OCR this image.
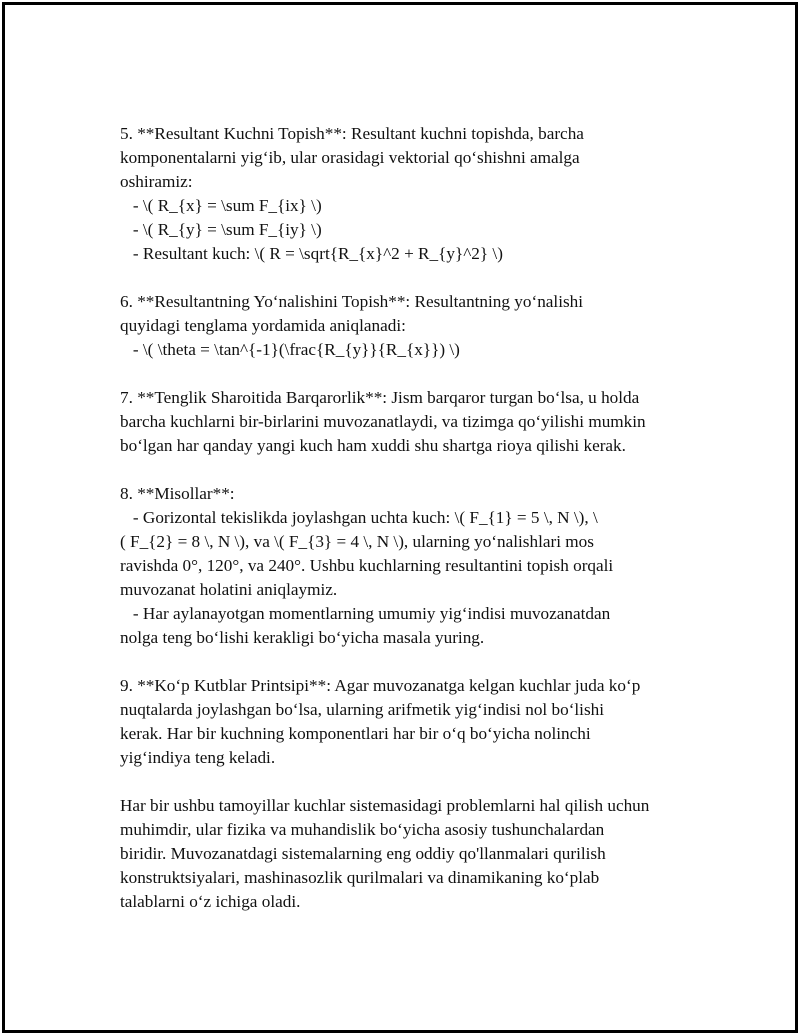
5. **Resultant Kuchni Topish**: Resultant kuchni topishda, barcha
komponentalarni yig‘ib, ular orasidagi vektorial qo‘shishni amalga
oshiramiz:
- \( R_{x} = \sum F_{ix} \)
- \( R_{y} = \sum F_{iy} \)
- Resultant kuch: \( R = \sqrt{R_{x}^2 + R_{y}^2} \)
6. **Resultantning Yo‘nalishini Topish**: Resultantning yo‘nalishi
quyidagi tenglama yordamida aniqlanadi:
- \( \theta = \tan^{-1}(\frac{R_{y}}{R_{x}}) \)
7. **Tenglik Sharoitida Barqarorlik**: Jism barqaror turgan bo‘lsa, u holda
barcha kuchlarni bir-birlarini muvozanatlaydi, va tizimga qo‘yilishi mumkin
bo‘lgan har qanday yangi kuch ham xuddi shu shartga rioya qilishi kerak.
8. **Misollar**:
- Gorizontal tekislikda joylashgan uchta kuch: \( F_{1} = 5 \, N \), \
( F_{2} = 8 \, N \), va \( F_{3} = 4 \, N \), ularning yo‘nalishlari mos
ravishda 0°, 120°, va 240°. Ushbu kuchlarning resultantini topish orqali
muvozanat holatini aniqlaymiz.
- Har aylanayotgan momentlarning umumiy yig‘indisi muvozanatdan
nolga teng bo‘lishi kerakligi bo‘yicha masala yuring.
9. **Ko‘p Kutblar Printsipi**: Agar muvozanatga kelgan kuchlar juda ko‘p
nuqtalarda joylashgan bo‘lsa, ularning arifmetik yig‘indisi nol bo‘lishi
kerak. Har bir kuchning komponentlari har bir o‘q bo‘yicha nolinchi
yig‘indiya teng keladi.
Har bir ushbu tamoyillar kuchlar sistemasidagi problemlarni hal qilish uchun
muhimdir, ular fizika va muhandislik bo‘yicha asosiy tushunchalardan
biridir. Muvozanatdagi sistemalarning eng oddiy qo'llanmalari qurilish
konstruktsiyalari, mashinasozlik qurilmalari va dinamikaning ko‘plab
talablarni o‘z ichiga oladi.
